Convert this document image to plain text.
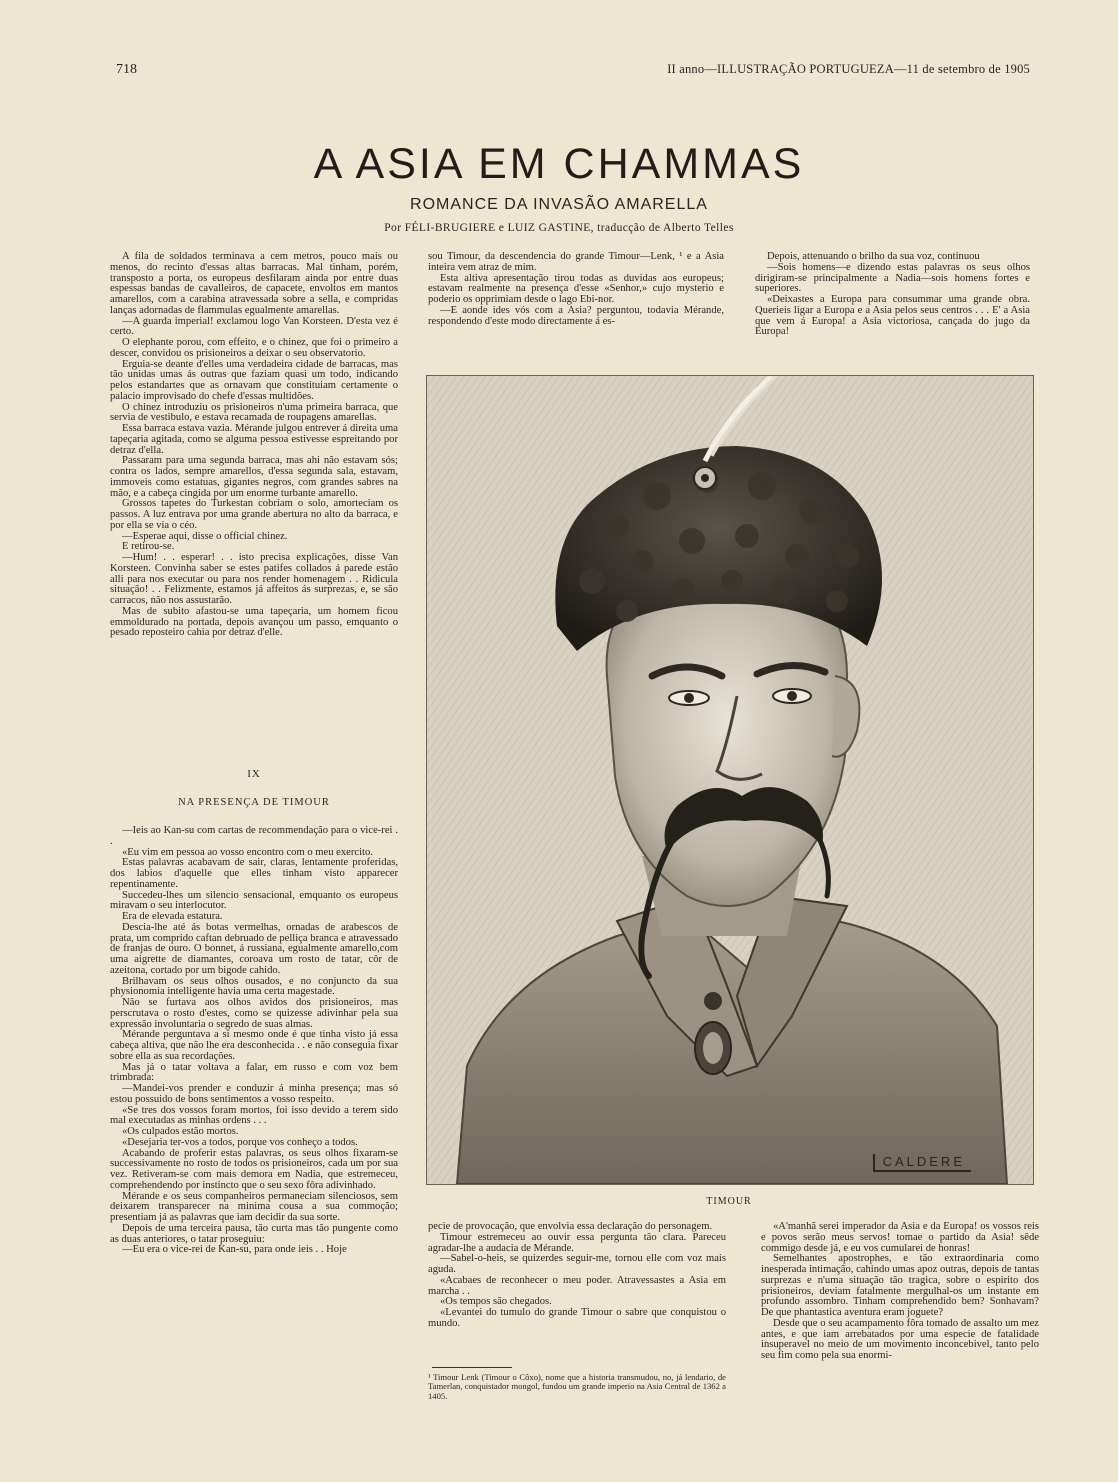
718	II anno—ILLUSTRAÇÃO PORTUGUEZA—11 de setembro de 1905
A ASIA EM CHAMMAS
ROMANCE DA INVASÃO AMARELLA
Por FÉLI-BRUGIERE e LUIZ GASTINE, traducção de Alberto Telles

A fila de soldados terminava a cem metros, pouco mais ou menos, do recinto d'essas altas barracas. Mal tinham, porém, transposto a porta, os europeus desfilaram ainda por entre duas espessas bandas de cavalleiros, de capacete, envoltos em mantos amarellos, com a carabina atravessada sobre a sella, e compridas lanças adornadas de flammulas egualmente amarellas.

—A guarda imperial! exclamou logo Van Korsteen. D'esta vez é certo.

O elephante porou, com effeito, e o chinez, que foi o primeiro a descer, convidou os prisioneiros a deixar o seu observatorio.

Erguia-se deante d'elles uma verdadeira cidade de barracas, mas tão unidas umas ás outras que faziam quasi um todo, indicando pelos estandartes que as ornavam que constituiam certamente o palacio improvisado do chefe d'essas multidões.

O chinez introduziu os prisioneiros n'uma primeira barraca, que servia de vestibulo, e estava recamada de roupagens amarellas.

Essa barraca estava vazia. Mérande julgou entrever á direita uma tapeçaria agitada, como se alguma pessoa estivesse espreitando por detraz d'ella.

Passaram para uma segunda barraca, mas ahi não estavam sós; contra os lados, sempre amarellos, d'essa segunda sala, estavam, immoveis como estatuas, gigantes negros, com grandes sabres na mão, e a cabeça cingida por um enorme turbante amarello.

Grossos tapetes do Turkestan cobriam o solo, amorteciam os passos. A luz entrava por uma grande abertura no alto da barraca, e por ella se via o céo.

—Esperae aqui, disse o official chinez.

E retirou-se.

—Hum! . . esperar! . . isto precisa explicações, disse Van Korsteen. Convinha saber se estes patifes collados á parede estão alli para nos executar ou para nos render homenagem . . Ridicula situação! . . Felizmente, estamos já affeitos ás surprezas, e, se são carracos, não nos assustarão.

Mas de subito afastou-se uma tapeçaria, um homem ficou emmoldurado na portada, depois avançou um passo, emquanto o pesado reposteiro cahia por detraz d'elle.

IX
NA PRESENÇA DE TIMOUR

—Ieis ao Kan-su com cartas de recommendação para o vice-rei . .

«Eu vim em pessoa ao vosso encontro com o meu exercito.

Estas palavras acabavam de sair, claras, lentamente proferidas, dos labios d'aquelle que elles tinham visto apparecer repentinamente.

Succedeu-lhes um silencio sensacional, emquanto os europeus miravam o seu interlocutor.

Era de elevada estatura.

Descia-lhe até ás botas vermelhas, ornadas de arabescos de prata, um comprido caftan debruado de pelliça branca e atravessado de franjas de ouro. O bonnet, á russiana, egualmente amarello,com uma aigrette de diamantes, coroava um rosto de tatar, côr de azeitona, cortado por um bigode cahido.

Brilhavam os seus olhos ousados, e no conjuncto da sua physionomia intelligente havia uma certa magestade.

Não se furtava aos olhos avidos dos prisioneiros, mas perscrutava o rosto d'estes, como se quizesse adivinhar pela sua expressão involuntaria o segredo de suas almas.

Mérande perguntava a si mesmo onde é que tinha visto já essa cabeça altiva, que não lhe era desconhecida . . e não conseguia fixar sobre ella as sua recordações.

Mas já o tatar voltava a falar, em russo e com voz bem trimbrada:

—Mandei-vos prender e conduzir á minha presença; mas só estou possuido de bons sentimentos a vosso respeito.

«Se tres dos vossos foram mortos, foi isso devido a terem sido mal executadas as minhas ordens . . .

«Os culpados estão mortos.

«Desejaria ter-vos a todos, porque vos conheço a todos.

Acabando de proferir estas palavras, os seus olhos fixaram-se successivamente no rosto de todos os prisioneiros, cada um por sua vez. Retiveram-se com mais demora em Nadia, que estremeceu, comprehendendo por instincto que o seu sexo fôra adivinhado.

Mérande e os seus companheiros permaneciam silenciosos, sem deixarem transparecer na minima cousa a sua commoção; presentiam já as palavras que iam decidir da sua sorte.

Depois de uma terceira pausa, tão curta mas tão pungente como as duas anteriores, o tatar proseguiu:

—Eu era o vice-rei de Kan-su, para onde ieis . . Hoje

sou Timour, da descendencia do grande Timour—Lenk, ¹ e a Asia inteira vem atraz de mim.

Esta altiva apresentação tirou todas as duvidas aos europeus; estavam realmente na presença d'esse «Senhor,» cujo mysterio e poderio os opprimiam desde o lago Ebi-nor.

—E aonde ides vós com a Asia? perguntou, todavia Mérande, respondendo d'este modo directamente á es-

Depois, attenuando o brilho da sua voz, continuou

—Sois homens—e dizendo estas palavras os seus olhos dirigiram-se principalmente a Nadia—sois homens fortes e superiores.

«Deixastes a Europa para consummar uma grande obra. Querieis ligar a Europa e a Asia pelos seus centros . . . E' a Asia que vem á Europa! a Asia victoriosa, cançada do jugo da Europa!

CALDERE
TIMOUR

pecie de provocação, que envolvia essa declaração do personagem.

Timour estremeceu ao ouvir essa pergunta tão clara. Pareceu agradar-lhe a audacia de Mérande.

—Sabel-o-heis, se quizerdes seguir-me, tornou elle com voz mais aguda.

«Acabaes de reconhecer o meu poder. Atravessastes a Asia em marcha . .

«Os tempos são chegados.

«Levantei do tumulo do grande Timour o sabre que conquistou o mundo.

¹ Timour Lenk (Timour o Côxo), nome que a historia transmudou, no, já lendario, de Tamerlan, conquistador mongol, fundou um grande imperio na Asia Central de 1362 a 1405.

«A'manhã serei imperador da Asia e da Europa! os vossos reis e povos serão meus servos! tomae o partido da Asia! sêde commigo desde já, e eu vos cumularei de honras!

Semelhantes apostrophes, e tão extraordinaria como inesperada intimação, cahindo umas apoz outras, depois de tantas surprezas e n'uma situação tão tragica, sobre o espirito dos prisioneiros, deviam fatalmente mergulhal-os um instante em profundo assombro. Tinham comprehendido bem? Sonhavam? De que phantastica aventura eram joguete?

Desde que o seu acampamento fôra tomado de assalto um mez antes, e que iam arrebatados por uma especie de fatalidade insuperavel no meio de um movimento inconcebivel, tanto pelo seu fim como pela sua enormi-
